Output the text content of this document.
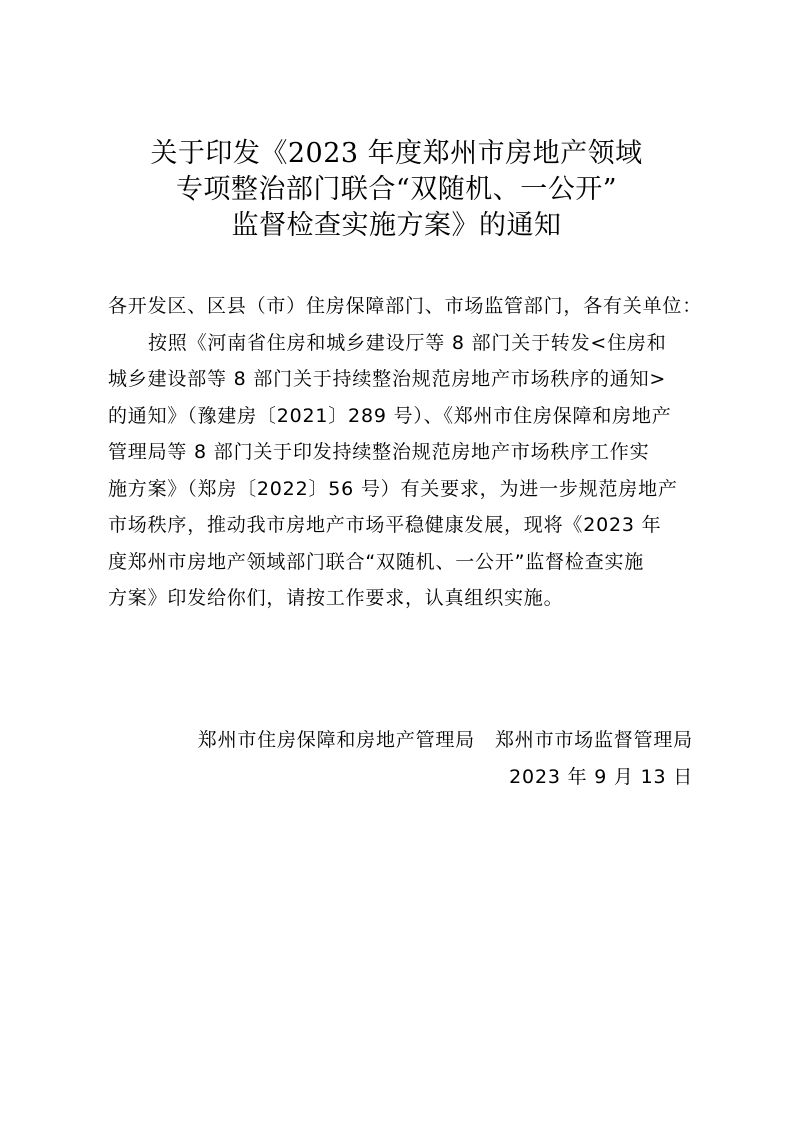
关于印发《2023 年度郑州市房地产领域
专项整治部门联合“双随机、一公开”
监督检查实施方案》的通知
各开发区、区县（市）住房保障部门、市场监管部门，各有关单位：
按照《河南省住房和城乡建设厅等 8 部门关于转发<住房和
城乡建设部等 8 部门关于持续整治规范房地产市场秩序的通知>
的通知》（豫建房〔2021〕289 号）、《郑州市住房保障和房地产
管理局等 8 部门关于印发持续整治规范房地产市场秩序工作实
施方案》（郑房〔2022〕56 号）有关要求，为进一步规范房地产
市场秩序，推动我市房地产市场平稳健康发展，现将《2023 年
度郑州市房地产领域部门联合“双随机、一公开”监督检查实施
方案》印发给你们，请按工作要求，认真组织实施。
郑州市住房保障和房地产管理局 郑州市市场监督管理局
2023 年 9 月 13 日
